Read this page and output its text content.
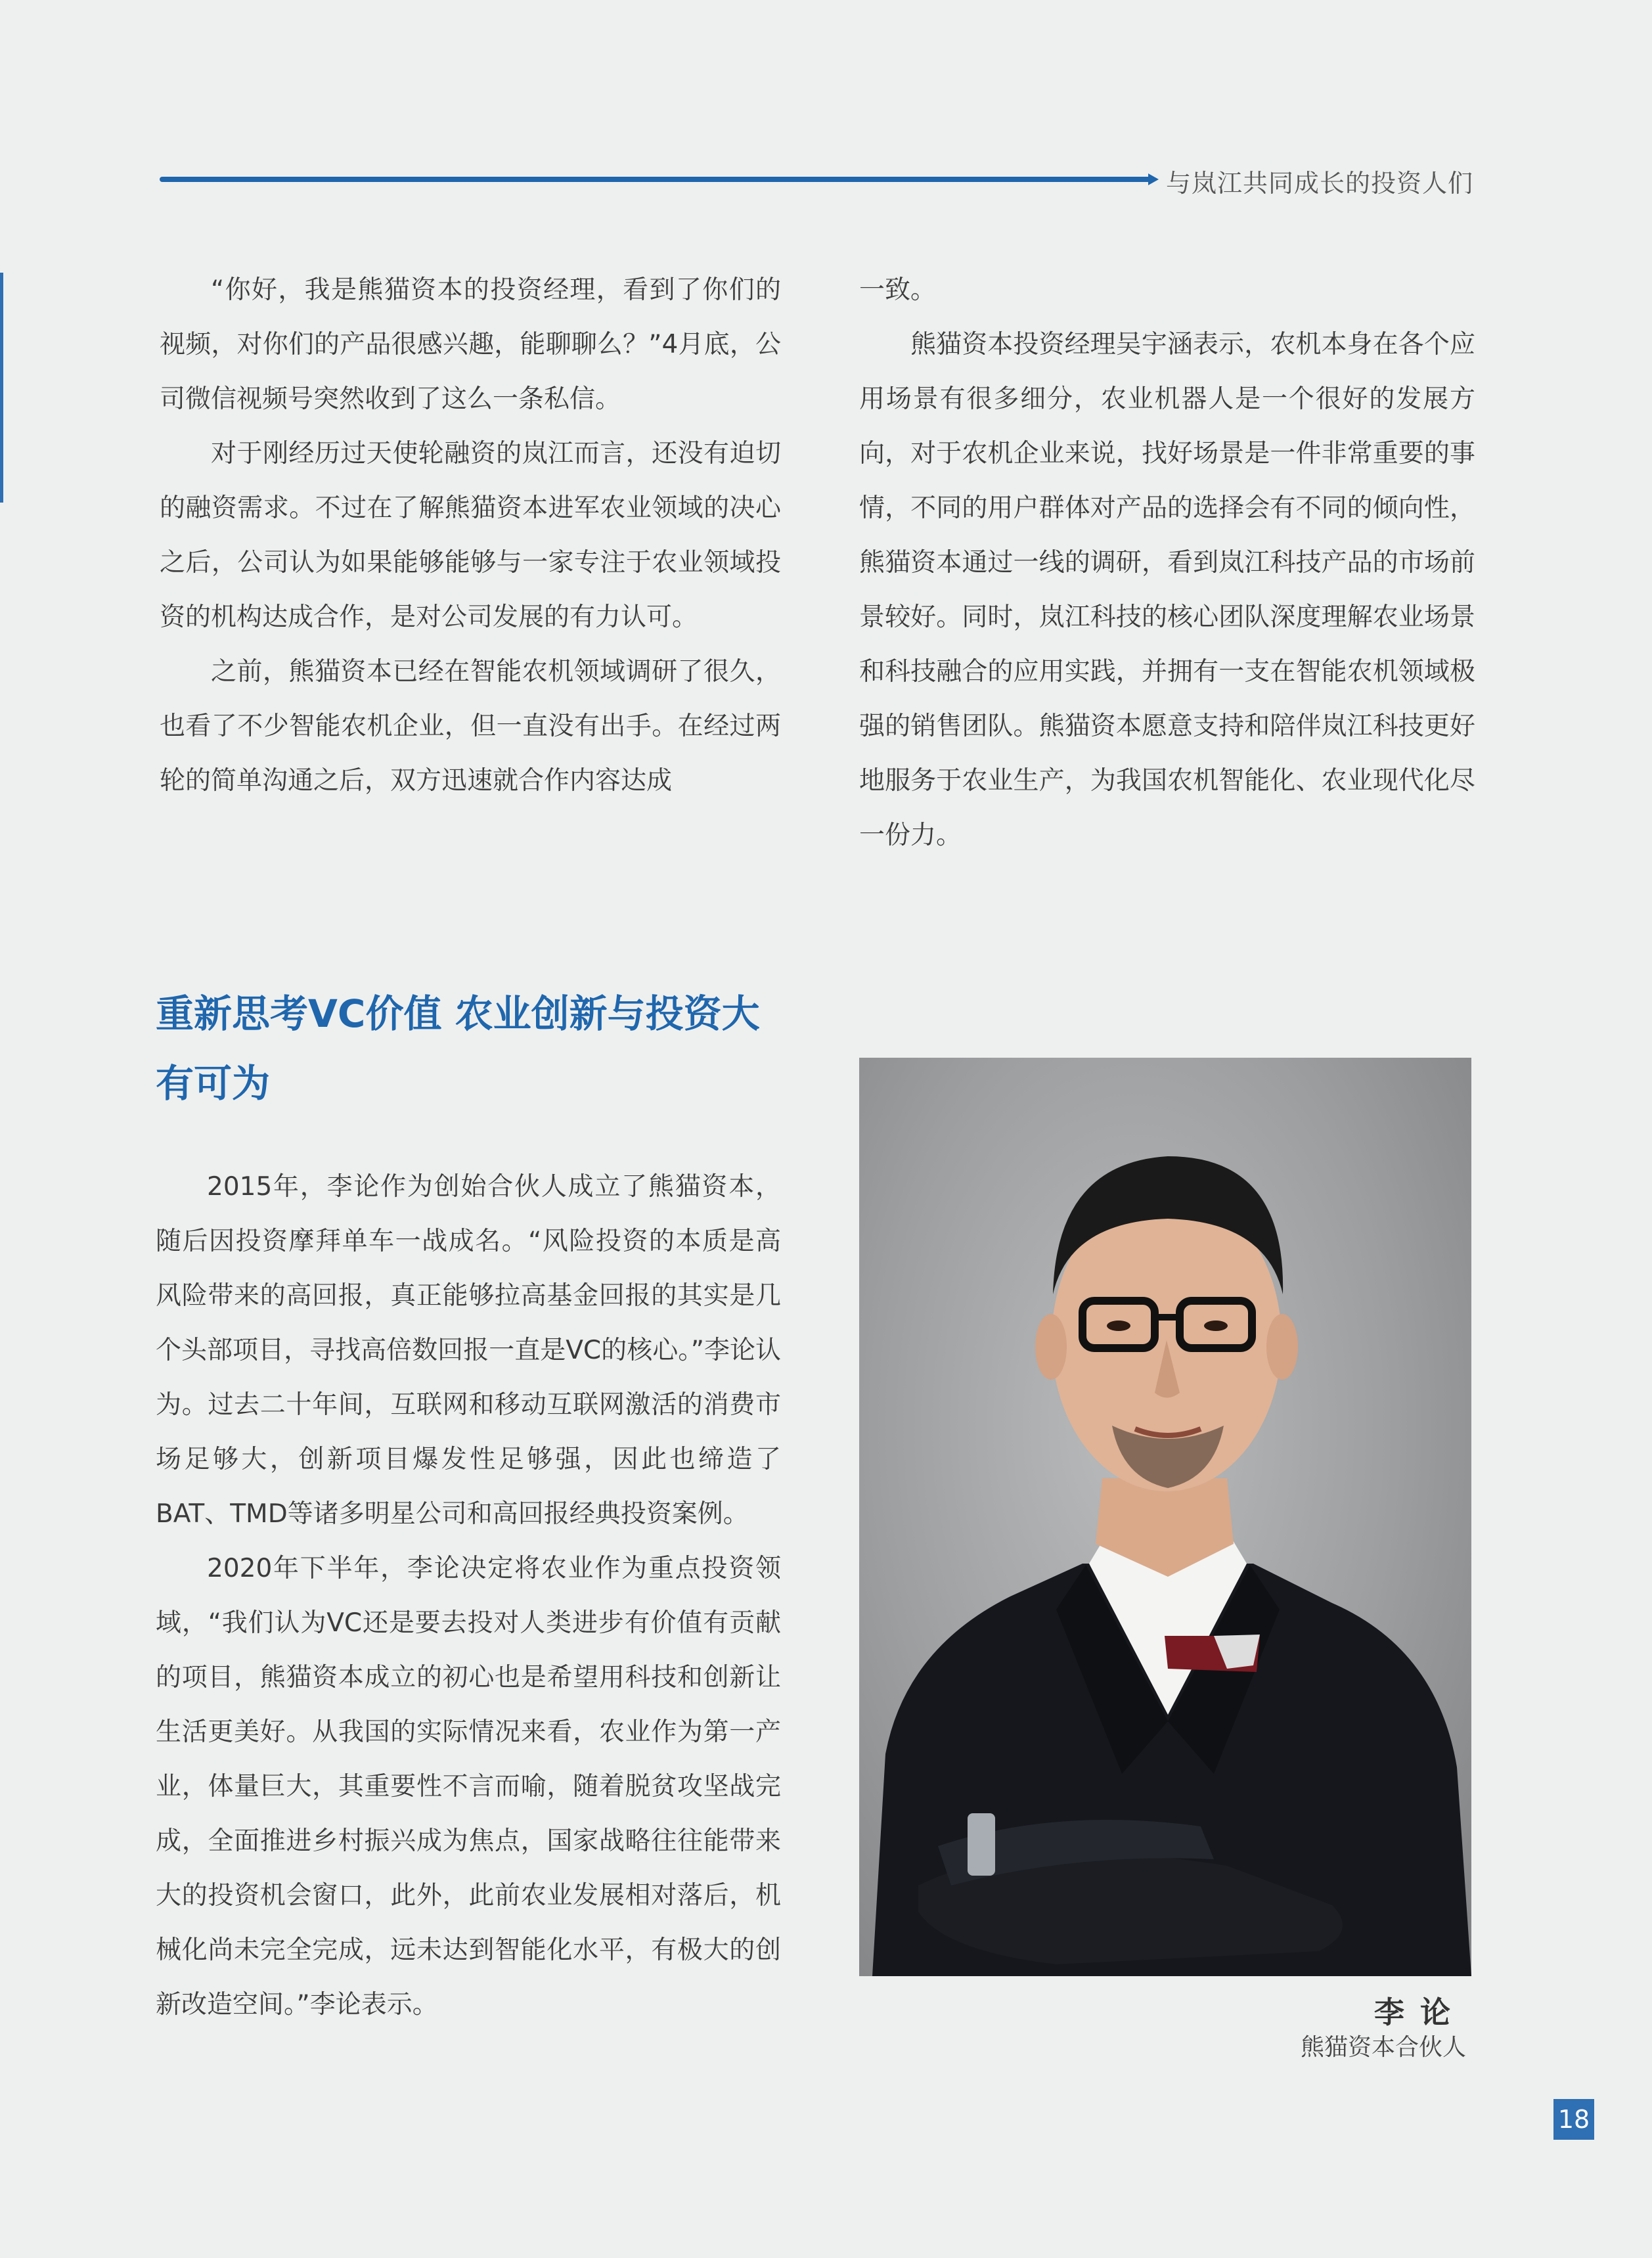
与岚江共同成长的投资人们

“你好，我是熊猫资本的投资经理，看到了你们的视频，对你们的产品很感兴趣，能聊聊么？”4月底，公司微信视频号突然收到了这么一条私信。

对于刚经历过天使轮融资的岚江而言，还没有迫切的融资需求。不过在了解熊猫资本进军农业领域的决心之后，公司认为如果能够能够与一家专注于农业领域投资的机构达成合作，是对公司发展的有力认可。

之前，熊猫资本已经在智能农机领域调研了很久，也看了不少智能农机企业，但一直没有出手。在经过两轮的简单沟通之后，双方迅速就合作内容达成

一致。

熊猫资本投资经理吴宇涵表示，农机本身在各个应用场景有很多细分，农业机器人是一个很好的发展方向，对于农机企业来说，找好场景是一件非常重要的事情，不同的用户群体对产品的选择会有不同的倾向性，熊猫资本通过一线的调研，看到岚江科技产品的市场前景较好。同时，岚江科技的核心团队深度理解农业场景和科技融合的应用实践，并拥有一支在智能农机领域极强的销售团队。熊猫资本愿意支持和陪伴岚江科技更好地服务于农业生产，为我国农机智能化、农业现代化尽一份力。

重新思考VC价值 农业创新与投资大有可为

2015年，李论作为创始合伙人成立了熊猫资本，随后因投资摩拜单车一战成名。“风险投资的本质是高风险带来的高回报，真正能够拉高基金回报的其实是几个头部项目，寻找高倍数回报一直是VC的核心。”李论认为。过去二十年间，互联网和移动互联网激活的消费市场足够大，创新项目爆发性足够强，因此也缔造了BAT、TMD等诸多明星公司和高回报经典投资案例。

2020年下半年，李论决定将农业作为重点投资领域，“我们认为VC还是要去投对人类进步有价值有贡献的项目，熊猫资本成立的初心也是希望用科技和创新让生活更美好。从我国的实际情况来看，农业作为第一产业，体量巨大，其重要性不言而喻，随着脱贫攻坚战完成，全面推进乡村振兴成为焦点，国家战略往往能带来大的投资机会窗口，此外，此前农业发展相对落后，机械化尚未完全完成，远未达到智能化水平，有极大的创新改造空间。”李论表示。	李论
熊猫资本合伙人
18
